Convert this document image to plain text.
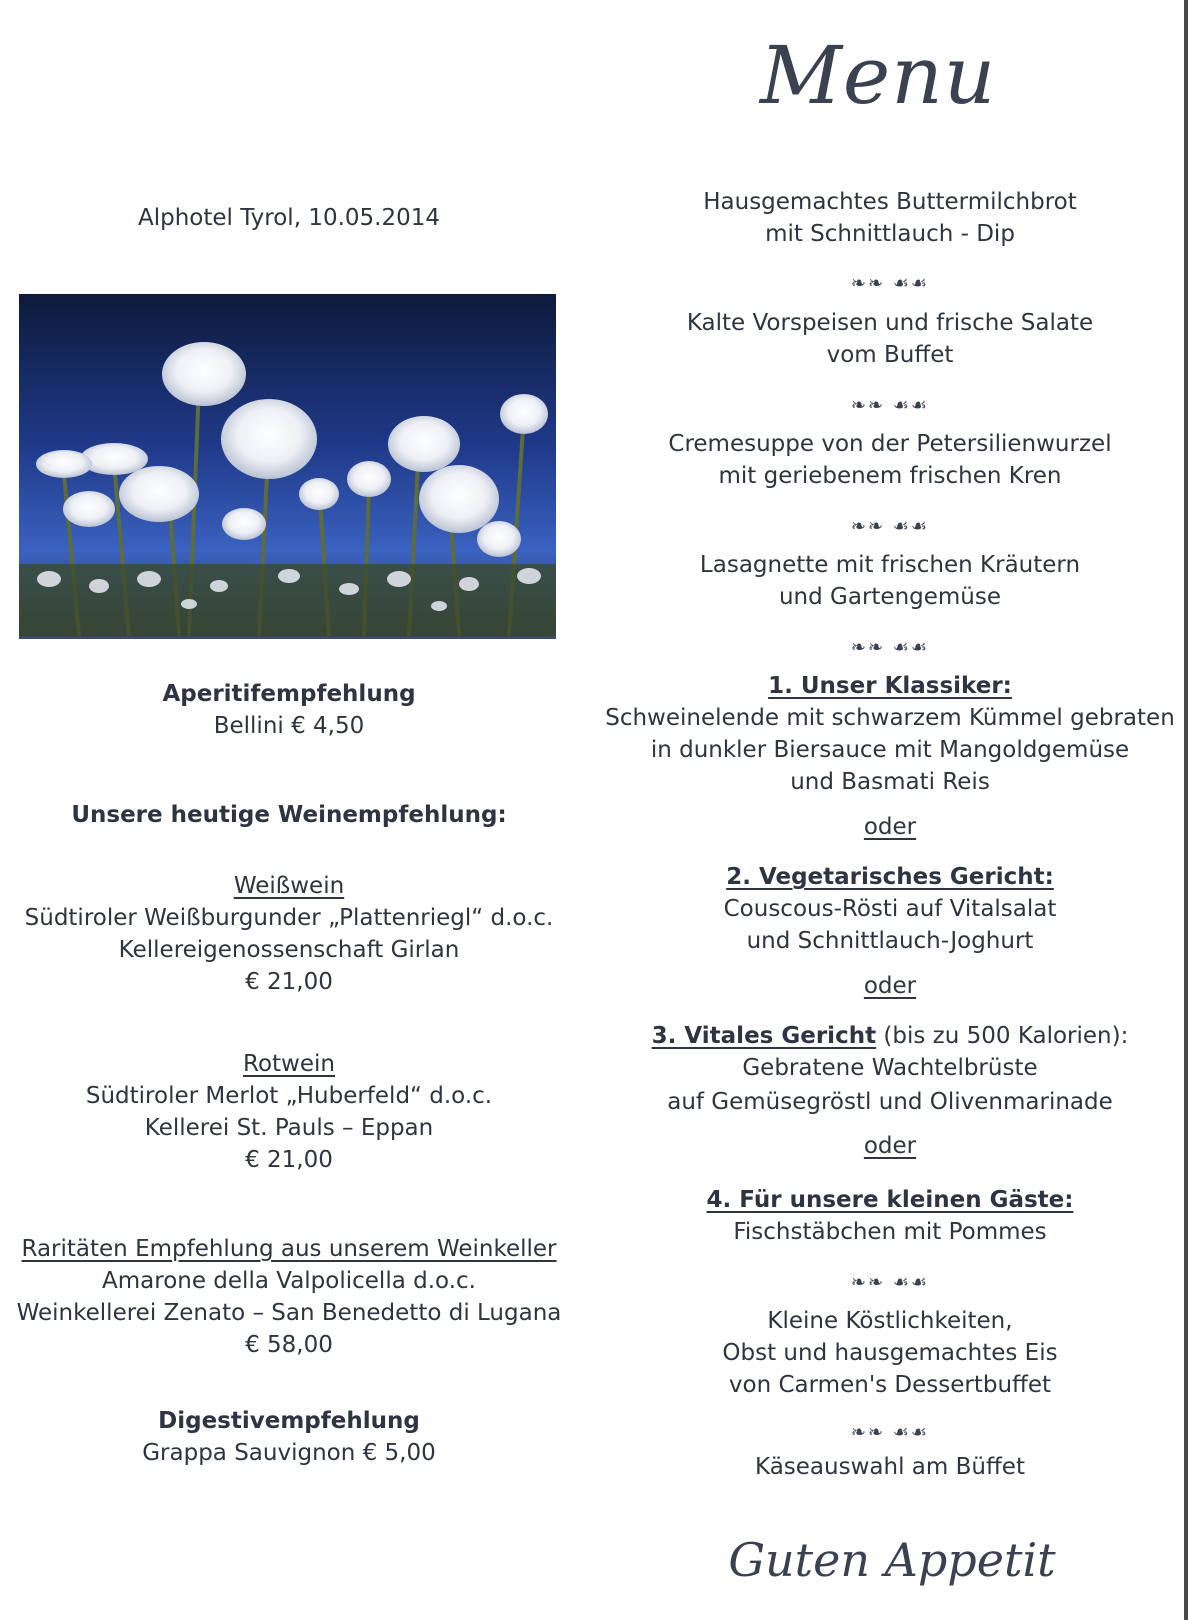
Menu
Alphotel Tyrol, 10.05.2014
Aperitifempfehlung
Bellini € 4,50
Unsere heutige Weinempfehlung:
Weißwein
Südtiroler Weißburgunder „Plattenriegl“ d.o.c.
Kellereigenossenschaft Girlan
€ 21,00
Rotwein
Südtiroler Merlot „Huberfeld“ d.o.c.
Kellerei St. Pauls – Eppan
€ 21,00
Raritäten Empfehlung aus unserem Weinkeller
Amarone della Valpolicella d.o.c.
Weinkellerei Zenato – San Benedetto di Lugana
€ 58,00
Digestivempfehlung
Grappa Sauvignon € 5,00
Hausgemachtes Buttermilchbrot
mit Schnittlauch - Dip
❧❧ ☙☙
Kalte Vorspeisen und frische Salate
vom Buffet
❧❧ ☙☙
Cremesuppe von der Petersilienwurzel
mit geriebenem frischen Kren
❧❧ ☙☙
Lasagnette mit frischen Kräutern
und Gartengemüse
❧❧ ☙☙
1. Unser Klassiker:
Schweinelende mit schwarzem Kümmel gebraten
in dunkler Biersauce mit Mangoldgemüse
und Basmati Reis
oder
2. Vegetarisches Gericht:
Couscous-Rösti auf Vitalsalat
und Schnittlauch-Joghurt
oder
3. Vitales Gericht (bis zu 500 Kalorien):
Gebratene Wachtelbrüste
auf Gemüsegröstl und Olivenmarinade
oder
4. Für unsere kleinen Gäste:
Fischstäbchen mit Pommes
❧❧ ☙☙
Kleine Köstlichkeiten,
Obst und hausgemachtes Eis
von Carmen's Dessertbuffet
❧❧ ☙☙
Käseauswahl am Büffet
Guten Appetit
